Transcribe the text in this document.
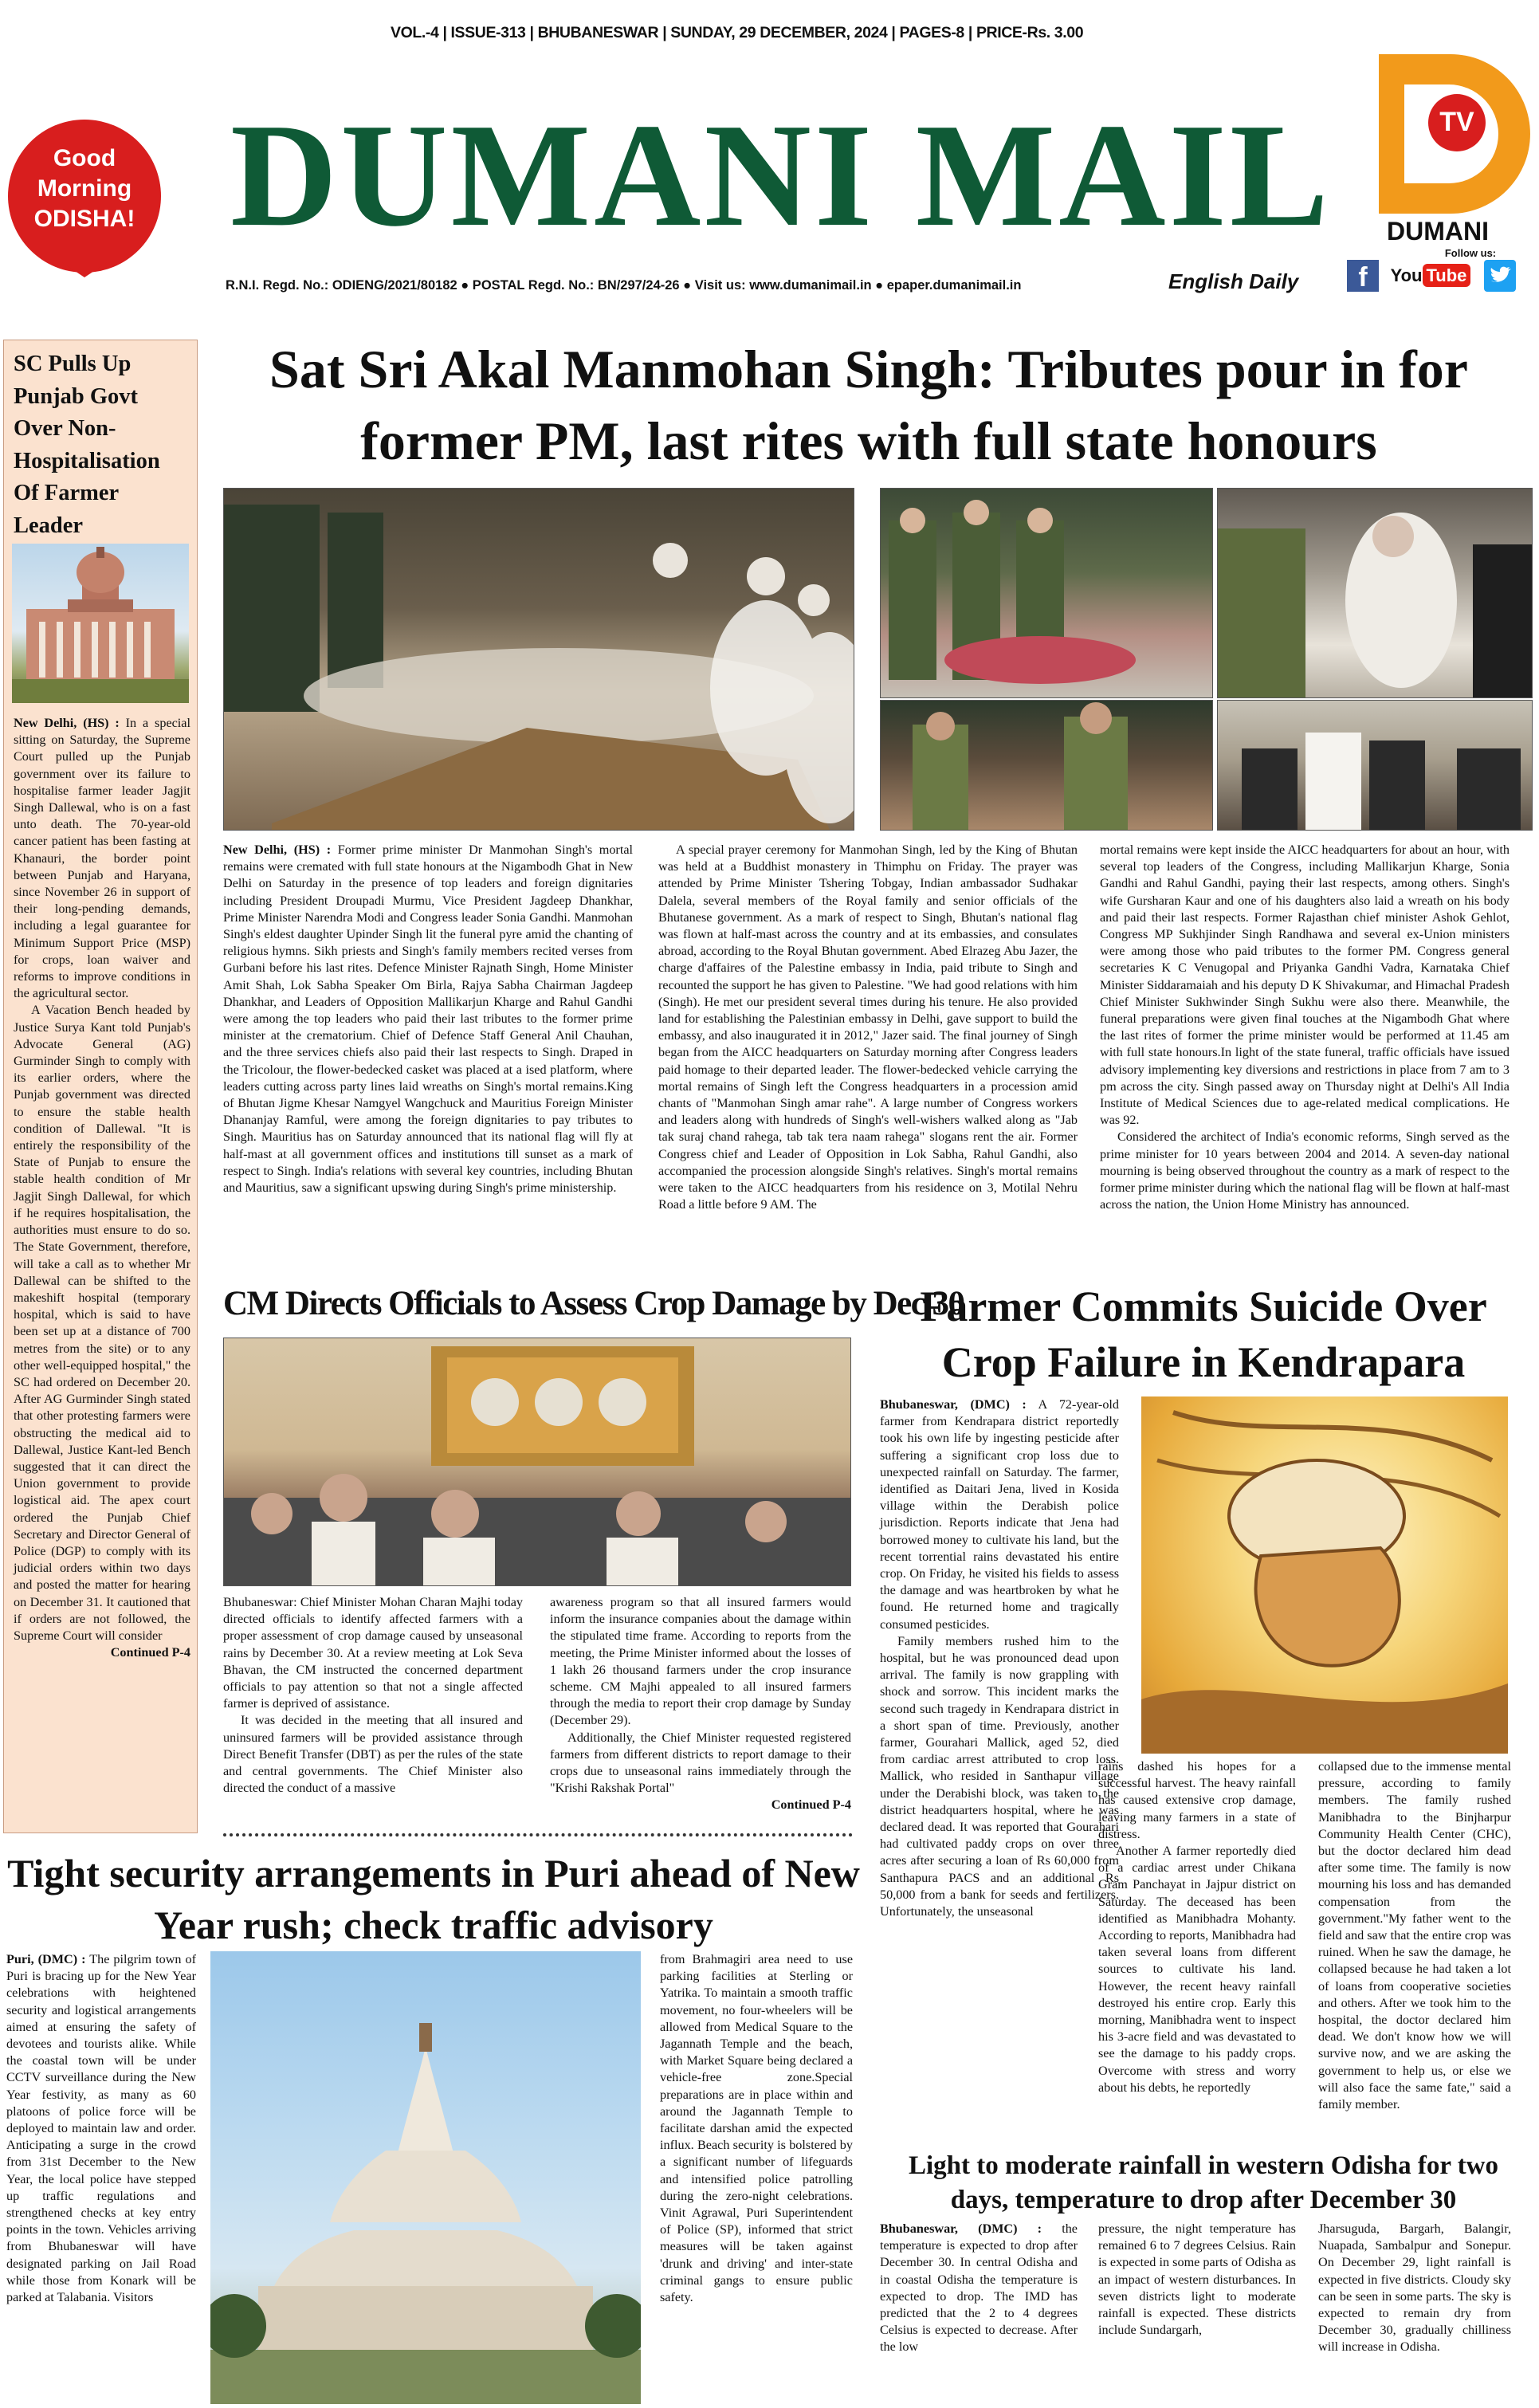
VOL.-4 | ISSUE-313 | BHUBANESWAR | SUNDAY, 29 DECEMBER, 2024 | PAGES-8 | PRICE-Rs. 3.00
Good
Morning
ODISHA! DUMANI MAIL
R.N.I. Regd. No.: ODIENG/2021/80182 ● POSTAL Regd. No.: BN/297/24-26 ● Visit us: www.dumanimail.in ● epaper.dumanimail.in	English Daily
TV
DUMANI
Follow us:
f	You Tube
SC Pulls Up Punjab Govt Over Non-Hospitalisation Of Farmer Leader

New Delhi, (HS) : In a special sitting on Saturday, the Supreme Court pulled up the Punjab government over its failure to hospitalise farmer leader Jagjit Singh Dallewal, who is on a fast unto death. The 70-year-old cancer patient has been fasting at Khanauri, the border point between Punjab and Haryana, since November 26 in support of their long-pending demands, including a legal guarantee for Minimum Support Price (MSP) for crops, loan waiver and reforms to improve conditions in the agricultural sector.

A Vacation Bench headed by Justice Surya Kant told Punjab's Advocate General (AG) Gurminder Singh to comply with its earlier orders, where the Punjab government was directed to ensure the stable health condition of Dallewal. "It is entirely the responsibility of the State of Punjab to ensure the stable health condition of Mr Jagjit Singh Dallewal, for which if he requires hospitalisation, the authorities must ensure to do so. The State Government, therefore, will take a call as to whether Mr Dallewal can be shifted to the makeshift hospital (temporary hospital, which is said to have been set up at a distance of 700 metres from the site) or to any other well-equipped hospital," the SC had ordered on December 20. After AG Gurminder Singh stated that other protesting farmers were obstructing the medical aid to Dallewal, Justice Kant-led Bench suggested that it can direct the Union government to provide logistical aid. The apex court ordered the Punjab Chief Secretary and Director General of Police (DGP) to comply with its judicial orders within two days and posted the matter for hearing on December 31. It cautioned that if orders are not followed, the Supreme Court will consider

Continued P-4

Sat Sri Akal Manmohan Singh: Tributes pour in for former PM, last rites with full state honours

New Delhi, (HS) : Former prime minister Dr Manmohan Singh's mortal remains were cremated with full state honours at the Nigambodh Ghat in New Delhi on Saturday in the presence of top leaders and foreign dignitaries including President Droupadi Murmu, Vice President Jagdeep Dhankhar, Prime Minister Narendra Modi and Congress leader Sonia Gandhi. Manmohan Singh's eldest daughter Upinder Singh lit the funeral pyre amid the chanting of religious hymns. Sikh priests and Singh's family members recited verses from Gurbani before his last rites. Defence Minister Rajnath Singh, Home Minister Amit Shah, Lok Sabha Speaker Om Birla, Rajya Sabha Chairman Jagdeep Dhankhar, and Leaders of Opposition Mallikarjun Kharge and Rahul Gandhi were among the top leaders who paid their last tributes to the former prime minister at the crematorium. Chief of Defence Staff General Anil Chauhan, and the three services chiefs also paid their last respects to Singh. Draped in the Tricolour, the flower-bedecked casket was placed at a ised platform, where leaders cutting across party lines laid wreaths on Singh's mortal remains.King of Bhutan Jigme Khesar Namgyel Wangchuck and Mauritius Foreign Minister Dhananjay Ramful, were among the foreign dignitaries to pay tributes to Singh. Mauritius has on Saturday announced that its national flag will fly at half-mast at all government offices and institutions till sunset as a mark of respect to Singh. India's relations with several key countries, including Bhutan and Mauritius, saw a significant upswing during Singh's prime ministership.

A special prayer ceremony for Manmohan Singh, led by the King of Bhutan was held at a Buddhist monastery in Thimphu on Friday. The prayer was attended by Prime Minister Tshering Tobgay, Indian ambassador Sudhakar Dalela, several members of the Royal family and senior officials of the Bhutanese government. As a mark of respect to Singh, Bhutan's national flag was flown at half-mast across the country and at its embassies, and consulates abroad, according to the Royal Bhutan government. Abed Elrazeg Abu Jazer, the charge d'affaires of the Palestine embassy in India, paid tribute to Singh and recounted the support he has given to Palestine. "We had good relations with him (Singh). He met our president several times during his tenure. He also provided land for establishing the Palestinian embassy in Delhi, gave support to build the embassy, and also inaugurated it in 2012," Jazer said. The final journey of Singh began from the AICC headquarters on Saturday morning after Congress leaders paid homage to their departed leader. The flower-bedecked vehicle carrying the mortal remains of Singh left the Congress headquarters in a procession amid chants of "Manmohan Singh amar rahe". A large number of Congress workers and leaders along with hundreds of Singh's well-wishers walked along as "Jab tak suraj chand rahega, tab tak tera naam rahega" slogans rent the air. Former Congress chief and Leader of Opposition in Lok Sabha, Rahul Gandhi, also accompanied the procession alongside Singh's relatives. Singh's mortal remains were taken to the AICC headquarters from his residence on 3, Motilal Nehru Road a little before 9 AM. The

mortal remains were kept inside the AICC headquarters for about an hour, with several top leaders of the Congress, including Mallikarjun Kharge, Sonia Gandhi and Rahul Gandhi, paying their last respects, among others. Singh's wife Gursharan Kaur and one of his daughters also laid a wreath on his body and paid their last respects. Former Rajasthan chief minister Ashok Gehlot, Congress MP Sukhjinder Singh Randhawa and several ex-Union ministers were among those who paid tributes to the former PM. Congress general secretaries K C Venugopal and Priyanka Gandhi Vadra, Karnataka Chief Minister Siddaramaiah and his deputy D K Shivakumar, and Himachal Pradesh Chief Minister Sukhwinder Singh Sukhu were also there. Meanwhile, the funeral preparations were given final touches at the Nigambodh Ghat where the last rites of former the prime minister would be performed at 11.45 am with full state honours.In light of the state funeral, traffic officials have issued advisory implementing key diversions and restrictions in place from 7 am to 3 pm across the city. Singh passed away on Thursday night at Delhi's All India Institute of Medical Sciences due to age-related medical complications. He was 92.

Considered the architect of India's economic reforms, Singh served as the prime minister for 10 years between 2004 and 2014. A seven-day national mourning is being observed throughout the country as a mark of respect to the former prime minister during which the national flag will be flown at half-mast across the nation, the Union Home Ministry has announced.

CM Directs Officials to Assess Crop Damage by Dec 30

Bhubaneswar: Chief Minister Mohan Charan Majhi today directed officials to identify affected farmers with a proper assessment of crop damage caused by unseasonal rains by December 30. At a review meeting at Lok Seva Bhavan, the CM instructed the concerned department officials to pay attention so that not a single affected farmer is deprived of assistance.

It was decided in the meeting that all insured and uninsured farmers will be provided assistance through Direct Benefit Transfer (DBT) as per the rules of the state and central governments. The Chief Minister also directed the conduct of a massive

awareness program so that all insured farmers would inform the insurance companies about the damage within the stipulated time frame. According to reports from the meeting, the Prime Minister informed about the losses of 1 lakh 26 thousand farmers under the crop insurance scheme. CM Majhi appealed to all insured farmers through the media to report their crop damage by Sunday (December 29).

Additionally, the Chief Minister requested registered farmers from different districts to report damage to their crops due to unseasonal rains immediately through the "Krishi Rakshak Portal"

Continued P-4

Farmer Commits Suicide Over Crop Failure in Kendrapara

Bhubaneswar, (DMC) : A 72-year-old farmer from Kendrapara district reportedly took his own life by ingesting pesticide after suffering a significant crop loss due to unexpected rainfall on Saturday. The farmer, identified as Daitari Jena, lived in Kosida village within the Derabish police jurisdiction. Reports indicate that Jena had borrowed money to cultivate his land, but the recent torrential rains devastated his entire crop. On Friday, he visited his fields to assess the damage and was heartbroken by what he found. He returned home and tragically consumed pesticides.

Family members rushed him to the hospital, but he was pronounced dead upon arrival. The family is now grappling with shock and sorrow. This incident marks the second such tragedy in Kendrapara district in a short span of time. Previously, another farmer, Gourahari Mallick, aged 52, died from cardiac arrest attributed to crop loss. Mallick, who resided in Santhapur village under the Derabishi block, was taken to the district headquarters hospital, where he was declared dead. It was reported that Gourahari had cultivated paddy crops on over three acres after securing a loan of Rs 60,000 from Santhapura PACS and an additional Rs 50,000 from a bank for seeds and fertilizers. Unfortunately, the unseasonal

rains dashed his hopes for a successful harvest. The heavy rainfall has caused extensive crop damage, leaving many farmers in a state of distress.

Another A farmer reportedly died of a cardiac arrest under Chikana Gram Panchayat in Jajpur district on Saturday. The deceased has been identified as Manibhadra Mohanty. According to reports, Manibhadra had taken several loans from different sources to cultivate his land. However, the recent heavy rainfall destroyed his entire crop. Early this morning, Manibhadra went to inspect his 3-acre field and was devastated to see the damage to his paddy crops. Overcome with stress and worry about his debts, he reportedly

collapsed due to the immense mental pressure, according to family members. The family rushed Manibhadra to the Binjharpur Community Health Center (CHC), but the doctor declared him dead after some time. The family is now mourning his loss and has demanded compensation from the government."My father went to the field and saw that the entire crop was ruined. When he saw the damage, he collapsed because he had taken a lot of loans from cooperative societies and others. After we took him to the hospital, the doctor declared him dead. We don't know how we will survive now, and we are asking the government to help us, or else we will also face the same fate," said a family member.

Tight security arrangements in Puri ahead of New Year rush; check traffic advisory

Puri, (DMC) : The pilgrim town of Puri is bracing up for the New Year celebrations with heightened security and logistical arrangements aimed at ensuring the safety of devotees and tourists alike. While the coastal town will be under CCTV surveillance during the New Year festivity, as many as 60 platoons of police force will be deployed to maintain law and order. Anticipating a surge in the crowd from 31st December to the New Year, the local police have stepped up traffic regulations and strengthened checks at key entry points in the town. Vehicles arriving from Bhubaneswar will have designated parking on Jail Road while those from Konark will be parked at Talabania. Visitors

from Brahmagiri area need to use parking facilities at Sterling or Yatrika. To maintain a smooth traffic movement, no four-wheelers will be allowed from Medical Square to the Jagannath Temple and the beach, with Market Square being declared a vehicle-free zone.Special preparations are in place within and around the Jagannath Temple to facilitate darshan amid the expected influx. Beach security is bolstered by a significant number of lifeguards and intensified police patrolling during the zero-night celebrations. Vinit Agrawal, Puri Superintendent of Police (SP), informed that strict measures will be taken against 'drunk and driving' and inter-state criminal gangs to ensure public safety.

Light to moderate rainfall in western Odisha for two days, temperature to drop after December 30

Bhubaneswar, (DMC) : the temperature is expected to drop after December 30. In central Odisha and in coastal Odisha the temperature is expected to drop. The IMD has predicted that the 2 to 4 degrees Celsius is expected to decrease. After the low

pressure, the night temperature has remained 6 to 7 degrees Celsius. Rain is expected in some parts of Odisha as an impact of western disturbances. In seven districts light to moderate rainfall is expected. These districts include Sundargarh,

Jharsuguda, Bargarh, Balangir, Nuapada, Sambalpur and Sonepur. On December 29, light rainfall is expected in five districts. Cloudy sky can be seen in some parts. The sky is expected to remain dry from December 30, gradually chilliness will increase in Odisha.
